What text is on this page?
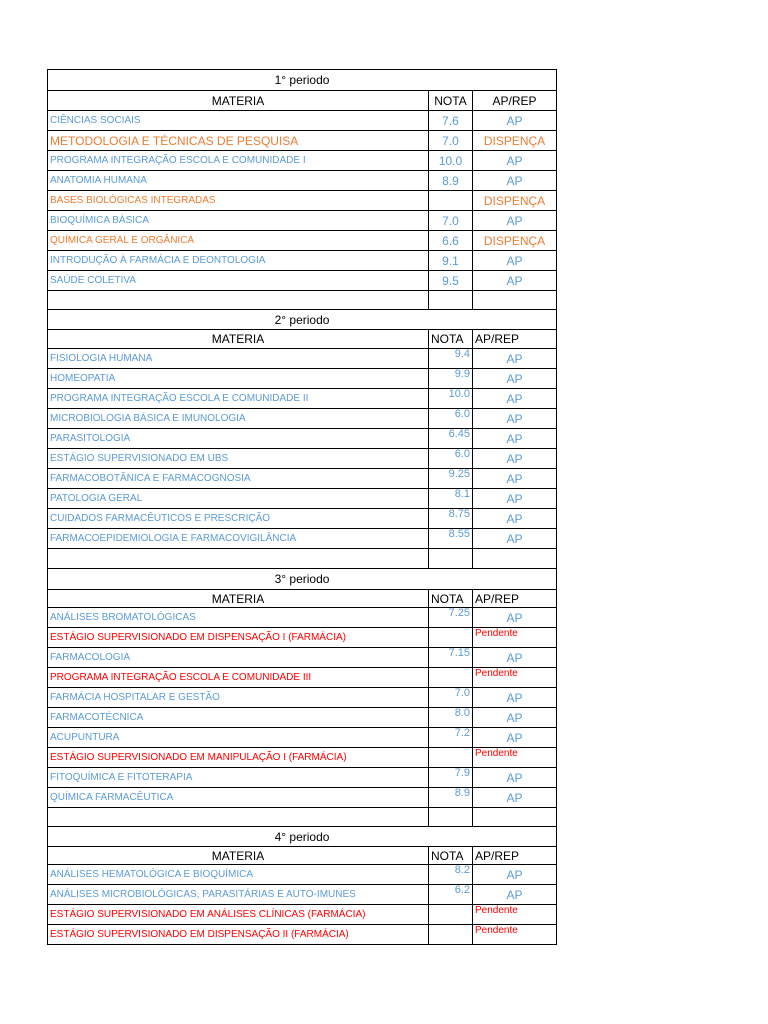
1° periodo		
MATERIA	NOTA	AP/REP
CIÊNCIAS SOCIAIS	7.6	AP
METODOLOGIA E TÉCNICAS DE PESQUISA	7.0	DISPENÇA
PROGRAMA INTEGRAÇÃO ESCOLA E COMUNIDADE I	10.0	AP
ANATOMIA HUMANA	8.9	AP
BASES BIOLÓGICAS INTEGRADAS		DISPENÇA
BIOQUÍMICA BÁSICA	7.0	AP
QUÍMICA GERAL E ORGÂNICA	6.6	DISPENÇA
INTRODUÇÃO À FARMÁCIA E DEONTOLOGIA	9.1	AP
SAÚDE COLETIVA	9.5	AP

2° periodo		
MATERIA	NOTA	AP/REP
FISIOLOGIA HUMANA	9.4	AP
HOMEOPATIA	9.9	AP
PROGRAMA INTEGRAÇÃO ESCOLA E COMUNIDADE II	10.0	AP
MICROBIOLOGIA BÁSICA E IMUNOLOGIA	6.0	AP
PARASITOLOGIA	6.45	AP
ESTÁGIO SUPERVISIONADO EM UBS	6.0	AP
FARMACOBOTÂNICA E FARMACOGNOSIA	9.25	AP
PATOLOGIA GERAL	8.1	AP
CUIDADOS FARMACÊUTICOS E PRESCRIÇÃO	8.75	AP
FARMACOEPIDEMIOLOGIA E FARMACOVIGILÂNCIA	8.55	AP

3° periodo		
MATERIA	NOTA	AP/REP
ANÁLISES BROMATOLÓGICAS	7.25	AP
ESTÁGIO SUPERVISIONADO EM DISPENSAÇÃO I (FARMÁCIA)		Pendente
FARMACOLOGIA	7.15	AP
PROGRAMA INTEGRAÇÃO ESCOLA E COMUNIDADE III		Pendente
FARMÁCIA HOSPITALAR E GESTÃO	7.0	AP
FARMACOTÉCNICA	8.0	AP
ACUPUNTURA	7.2	AP
ESTÁGIO SUPERVISIONADO EM MANIPULAÇÃO I (FARMÁCIA)		Pendente
FITOQUÍMICA E FITOTERAPIA	7.9	AP
QUÍMICA FARMACÊUTICA	8.9	AP

4° periodo		
MATERIA	NOTA	AP/REP
ANÁLISES HEMATOLÓGICA E BIOQUÍMICA	8.2	AP
ANÁLISES MICROBIOLÓGICAS, PARASITÁRIAS E AUTO-IMUNES	6.2	AP
ESTÁGIO SUPERVISIONADO EM ANÁLISES CLÍNICAS (FARMÁCIA)		Pendente
ESTÁGIO SUPERVISIONADO EM DISPENSAÇÃO II (FARMÁCIA)		Pendente
